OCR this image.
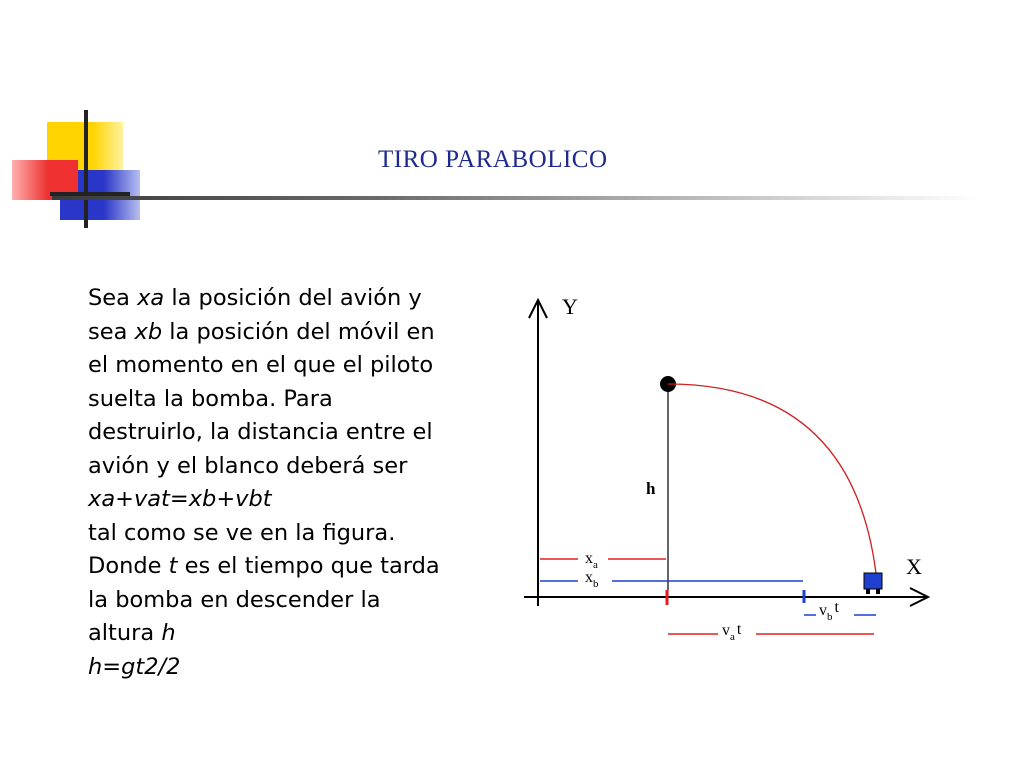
TIRO PARABOLICO
Sea xa la posición del avión y
sea xb la posición del móvil en
el momento en el que el piloto
suelta la bomba. Para
destruirlo, la distancia entre el
avión y el blanco deberá ser
xa+vat=xb+vbt
tal como se ve en la figura.
Donde t es el tiempo que tarda
la bomba en descender la
altura h
h=gt2/2
Y
X
h
$x_a$
$x_b$
$v_bt$
$v_a$ t
